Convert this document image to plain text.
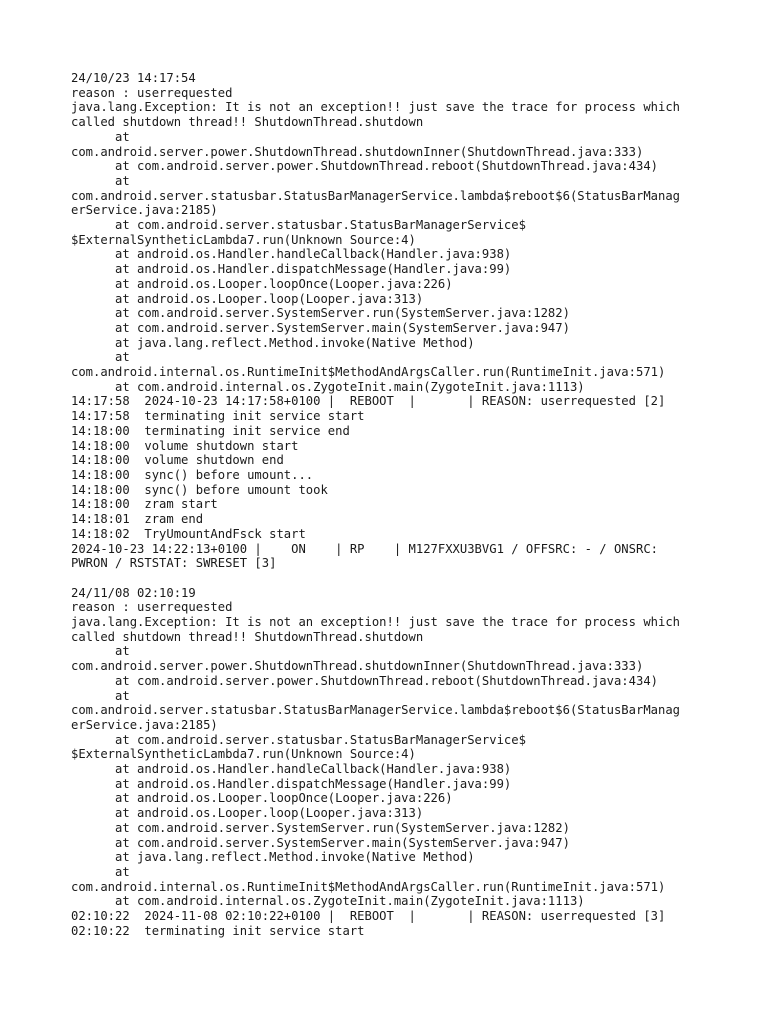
24/10/23 14:17:54
reason : userrequested
java.lang.Exception: It is not an exception!! just save the trace for process which
called shutdown thread!! ShutdownThread.shutdown
at
com.android.server.power.ShutdownThread.shutdownInner(ShutdownThread.java:333)
at com.android.server.power.ShutdownThread.reboot(ShutdownThread.java:434)
at
com.android.server.statusbar.StatusBarManagerService.lambda$reboot$6(StatusBarManag
erService.java:2185)
at com.android.server.statusbar.StatusBarManagerService$
$ExternalSyntheticLambda7.run(Unknown Source:4)
at android.os.Handler.handleCallback(Handler.java:938)
at android.os.Handler.dispatchMessage(Handler.java:99)
at android.os.Looper.loopOnce(Looper.java:226)
at android.os.Looper.loop(Looper.java:313)
at com.android.server.SystemServer.run(SystemServer.java:1282)
at com.android.server.SystemServer.main(SystemServer.java:947)
at java.lang.reflect.Method.invoke(Native Method)
at
com.android.internal.os.RuntimeInit$MethodAndArgsCaller.run(RuntimeInit.java:571)
at com.android.internal.os.ZygoteInit.main(ZygoteInit.java:1113)
14:17:58  2024-10-23 14:17:58+0100 |  REBOOT  |       | REASON: userrequested [2]
14:17:58  terminating init service start
14:18:00  terminating init service end
14:18:00  volume shutdown start
14:18:00  volume shutdown end
14:18:00  sync() before umount...
14:18:00  sync() before umount took
14:18:00  zram start
14:18:01  zram end
14:18:02  TryUmountAndFsck start
2024-10-23 14:22:13+0100 |    ON    | RP    | M127FXXU3BVG1 / OFFSRC: - / ONSRC:
PWRON / RSTSTAT: SWRESET [3]
24/11/08 02:10:19
reason : userrequested
java.lang.Exception: It is not an exception!! just save the trace for process which
called shutdown thread!! ShutdownThread.shutdown
at
com.android.server.power.ShutdownThread.shutdownInner(ShutdownThread.java:333)
at com.android.server.power.ShutdownThread.reboot(ShutdownThread.java:434)
at
com.android.server.statusbar.StatusBarManagerService.lambda$reboot$6(StatusBarManag
erService.java:2185)
at com.android.server.statusbar.StatusBarManagerService$
$ExternalSyntheticLambda7.run(Unknown Source:4)
at android.os.Handler.handleCallback(Handler.java:938)
at android.os.Handler.dispatchMessage(Handler.java:99)
at android.os.Looper.loopOnce(Looper.java:226)
at android.os.Looper.loop(Looper.java:313)
at com.android.server.SystemServer.run(SystemServer.java:1282)
at com.android.server.SystemServer.main(SystemServer.java:947)
at java.lang.reflect.Method.invoke(Native Method)
at
com.android.internal.os.RuntimeInit$MethodAndArgsCaller.run(RuntimeInit.java:571)
at com.android.internal.os.ZygoteInit.main(ZygoteInit.java:1113)
02:10:22  2024-11-08 02:10:22+0100 |  REBOOT  |       | REASON: userrequested [3]
02:10:22  terminating init service start
